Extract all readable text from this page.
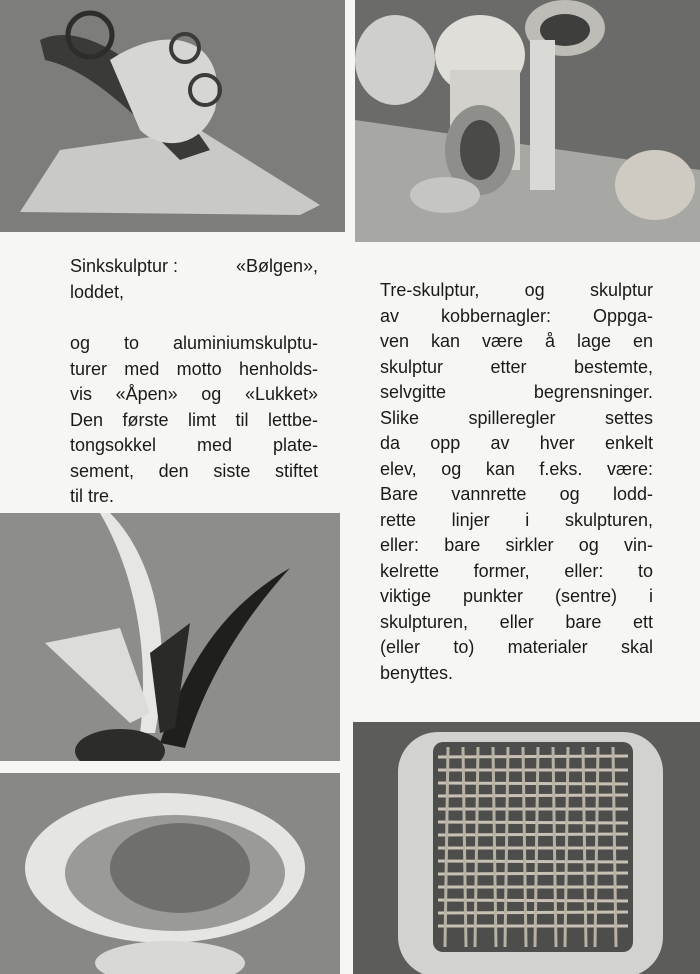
Sinkskulptur :	«Bølgen»,

loddet,

og to aluminiumskulptu-

turer med motto henholds-

vis «Åpen» og «Lukket»

Den første limt til lettbe-

tongsokkel med plate-

sement, den siste stiftet

til tre.

Tre-skulptur, og skulptur

av kobbernagler: Oppga-

ven kan være å lage en

skulptur etter bestemte,

selvgitte begrensninger.

Slike spilleregler settes

da opp av hver enkelt

elev, og kan f.eks. være:

Bare vannrette og lodd-

rette linjer i skulpturen,

eller: bare sirkler og vin-

kelrette former, eller: to

viktige punkter (sentre) i

skulpturen, eller bare ett

(eller to) materialer skal

benyttes.
